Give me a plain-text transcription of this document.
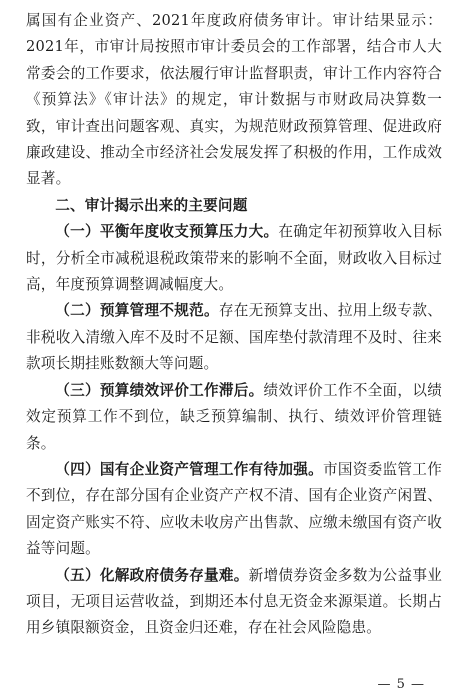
属国有企业资产、2021年度政府债务审计。审计结果显示：2021年，市审计局按照市审计委员会的工作部署，结合市人大常委会的工作要求，依法履行审计监督职责，审计工作内容符合《预算法》《审计法》的规定，审计数据与市财政局决算数一致，审计查出问题客观、真实，为规范财政预算管理、促进政府廉政建设、推动全市经济社会发展发挥了积极的作用，工作成效显著。

二、审计揭示出来的主要问题

（一）平衡年度收支预算压力大。在确定年初预算收入目标时，分析全市减税退税政策带来的影响不全面，财政收入目标过高，年度预算调整调减幅度大。

（二）预算管理不规范。存在无预算支出、拉用上级专款、非税收入清缴入库不及时不足额、国库垫付款清理不及时、往来款项长期挂账数额大等问题。

（三）预算绩效评价工作滞后。绩效评价工作不全面，以绩效定预算工作不到位，缺乏预算编制、执行、绩效评价管理链条。

（四）国有企业资产管理工作有待加强。市国资委监管工作不到位，存在部分国有企业资产产权不清、国有企业资产闲置、固定资产账实不符、应收未收房产出售款、应缴未缴国有资产收益等问题。

（五）化解政府债务存量难。新增债券资金多数为公益事业项目，无项目运营收益，到期还本付息无资金来源渠道。长期占用乡镇限额资金，且资金归还难，存在社会风险隐患。

— 5 —
